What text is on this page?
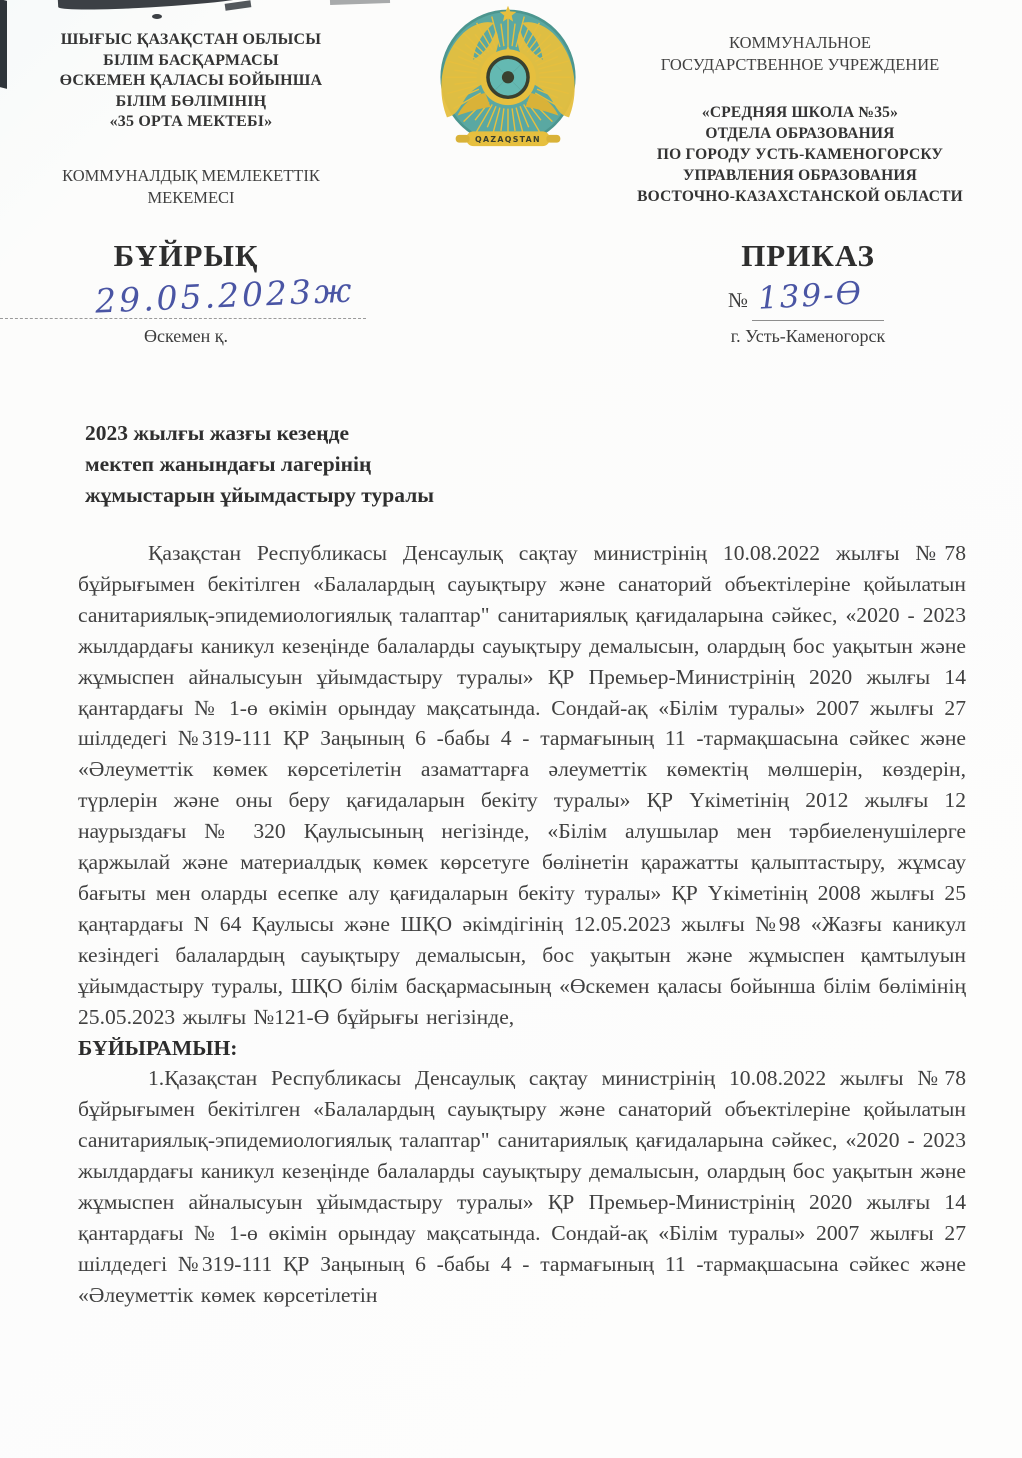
ШЫҒЫС ҚАЗАҚСТАН ОБЛЫСЫ
БІЛІМ БАСҚАРМАСЫ
ӨСКЕМЕН ҚАЛАСЫ БОЙЫНША
БІЛІМ БӨЛІМІНІҢ
«35 ОРТА МЕКТЕБІ»
КОММУНАЛДЫҚ МЕМЛЕКЕТТІК
МЕКЕМЕСІ
QAZAQSTAN
КОММУНАЛЬНОЕ
ГОСУДАРСТВЕННОЕ УЧРЕЖДЕНИЕ
«СРЕДНЯЯ ШКОЛА №35»
ОТДЕЛА ОБРАЗОВАНИЯ
ПО ГОРОДУ УСТЬ-КАМЕНОГОРСКУ
УПРАВЛЕНИЯ ОБРАЗОВАНИЯ
ВОСТОЧНО-КАЗАХСТАНСКОЙ ОБЛАСТИ
БҰЙРЫҚ
29.05.2023ж
Өскемен қ.
ПРИКАЗ
№ 139-Ө
г. Усть-Каменогорск
2023 жылғы жазғы кезеңде
мектеп жанындағы лагерінің
жұмыстарын ұйымдастыру туралы

Қазақстан Республикасы Денсаулық сақтау министрінің 10.08.2022 жылғы №78 бұйрығымен бекітілген «Балалардың сауықтыру және санаторий объектілеріне қойылатын санитариялық-эпидемиологиялық талаптар" санитариялық қағидаларына сәйкес, «2020 - 2023 жылдардағы каникул кезеңінде балаларды сауықтыру демалысын, олардың бос уақытын және жұмыспен айналысуын ұйымдастыру туралы» ҚР Премьер-Министрінің 2020 жылғы 14 қантардағы № 1-ө өкімін орындау мақсатында. Сондай-ақ «Білім туралы» 2007 жылғы 27 шілдедегі №319-111 ҚР Заңының 6 -бабы 4 - тармағының 11 -тармақшасына сәйкес және «Әлеуметтік көмек көрсетілетін азаматтарға әлеуметтік көмектің мөлшерін, көздерін, түрлерін және оны беру қағидаларын бекіту туралы» ҚР Үкіметінің 2012 жылғы 12 наурыздағы № 320 Қаулысының негізінде, «Білім алушылар мен тәрбиеленушілерге қаржылай және материалдық көмек көрсетуге бөлінетін қаражатты қалыптастыру, жұмсау бағыты мен оларды есепке алу қағидаларын бекіту туралы» ҚР Үкіметінің 2008 жылғы 25 қаңтардағы N 64 Қаулысы және ШҚО әкімдігінің 12.05.2023 жылғы №98 «Жазғы каникул кезіндегі балалардың сауықтыру демалысын, бос уақытын және жұмыспен қамтылуын ұйымдастыру туралы, ШҚО білім басқармасының «Өскемен қаласы бойынша білім бөлімінің 25.05.2023 жылғы №121-Ө бұйрығы негізінде,

БҰЙЫРАМЫН:

1.Қазақстан Республикасы Денсаулық сақтау министрінің 10.08.2022 жылғы №78 бұйрығымен бекітілген «Балалардың сауықтыру және санаторий объектілеріне қойылатын санитариялық-эпидемиологиялық талаптар" санитариялық қағидаларына сәйкес, «2020 - 2023 жылдардағы каникул кезеңінде балаларды сауықтыру демалысын, олардың бос уақытын және жұмыспен айналысуын ұйымдастыру туралы» ҚР Премьер-Министрінің 2020 жылғы 14 қантардағы № 1-ө өкімін орындау мақсатында. Сондай-ақ «Білім туралы» 2007 жылғы 27 шілдедегі №319-111 ҚР Заңының 6 -бабы 4 - тармағының 11 -тармақшасына сәйкес және «Әлеуметтік көмек көрсетілетін
